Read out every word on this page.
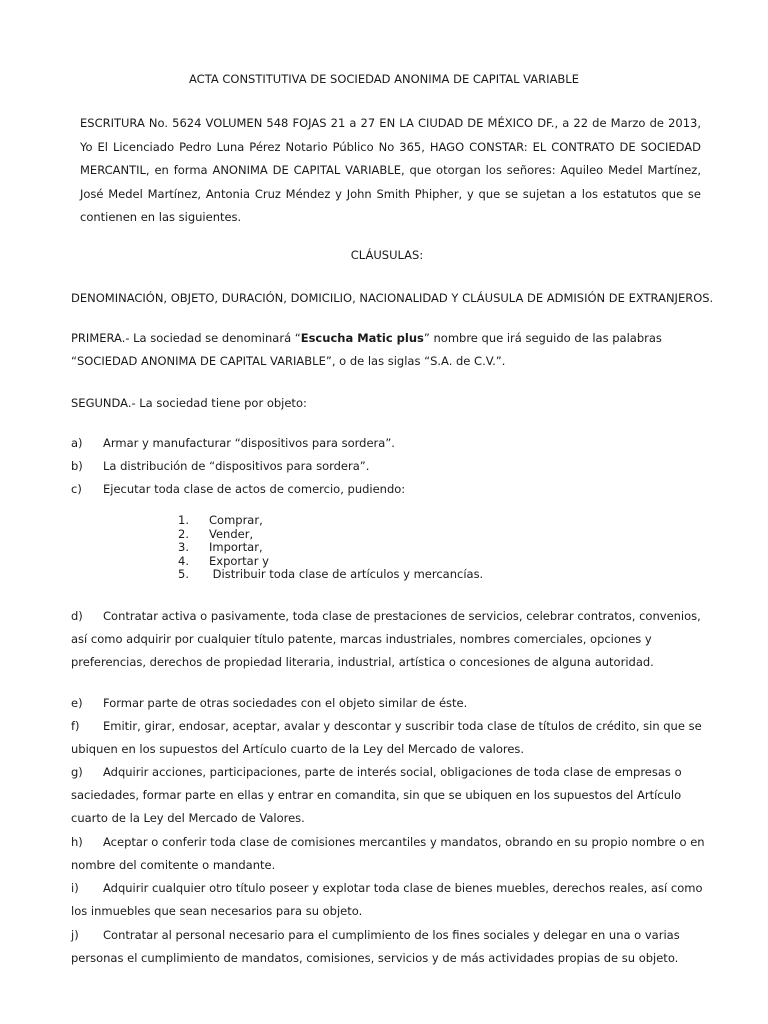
ACTA CONSTITUTIVA DE SOCIEDAD ANONIMA DE CAPITAL VARIABLE
ESCRITURA No. 5624 VOLUMEN 548 FOJAS 21 a 27 EN LA CIUDAD DE MÉXICO DF., a 22 de Marzo de 2013, Yo El Licenciado Pedro Luna Pérez Notario Público No 365, HAGO CONSTAR: EL CONTRATO DE SOCIEDAD MERCANTIL, en forma ANONIMA DE CAPITAL VARIABLE, que otorgan los señores: Aquileo Medel Martínez, José Medel Martínez, Antonia Cruz Méndez y John Smith Phipher, y que se sujetan a los estatutos que se contienen en las siguientes.
CLÁUSULAS:
DENOMINACIÓN, OBJETO, DURACIÓN, DOMICILIO, NACIONALIDAD Y CLÁUSULA DE ADMISIÓN DE EXTRANJEROS.
PRIMERA.- La sociedad se denominará “Escucha Matic plus” nombre que irá seguido de las palabras
“SOCIEDAD ANONIMA DE CAPITAL VARIABLE”, o de las siglas “S.A. de C.V.”.
SEGUNDA.- La sociedad tiene por objeto:
a) Armar y manufacturar “dispositivos para sordera”.
b) La distribución de “dispositivos para sordera”.
c) Ejecutar toda clase de actos de comercio, pudiendo:
1. Comprar,
2. Vender,
3. Importar,
4. Exportar y
5. Distribuir toda clase de artículos y mercancías.
d) Contratar activa o pasivamente, toda clase de prestaciones de servicios, celebrar contratos, convenios, así como adquirir por cualquier título patente, marcas industriales, nombres comerciales, opciones y preferencias, derechos de propiedad literaria, industrial, artística o concesiones de alguna autoridad.
e) Formar parte de otras sociedades con el objeto similar de éste.
f) Emitir, girar, endosar, aceptar, avalar y descontar y suscribir toda clase de títulos de crédito, sin que se ubiquen en los supuestos del Artículo cuarto de la Ley del Mercado de valores.
g) Adquirir acciones, participaciones, parte de interés social, obligaciones de toda clase de empresas o saciedades, formar parte en ellas y entrar en comandita, sin que se ubiquen en los supuestos del Artículo cuarto de la Ley del Mercado de Valores.
h) Aceptar o conferir toda clase de comisiones mercantiles y mandatos, obrando en su propio nombre o en nombre del comitente o mandante.
i) Adquirir cualquier otro título poseer y explotar toda clase de bienes muebles, derechos reales, así como los inmuebles que sean necesarios para su objeto.
j) Contratar al personal necesario para el cumplimiento de los fines sociales y delegar en una o varias personas el cumplimiento de mandatos, comisiones, servicios y de más actividades propias de su objeto.
